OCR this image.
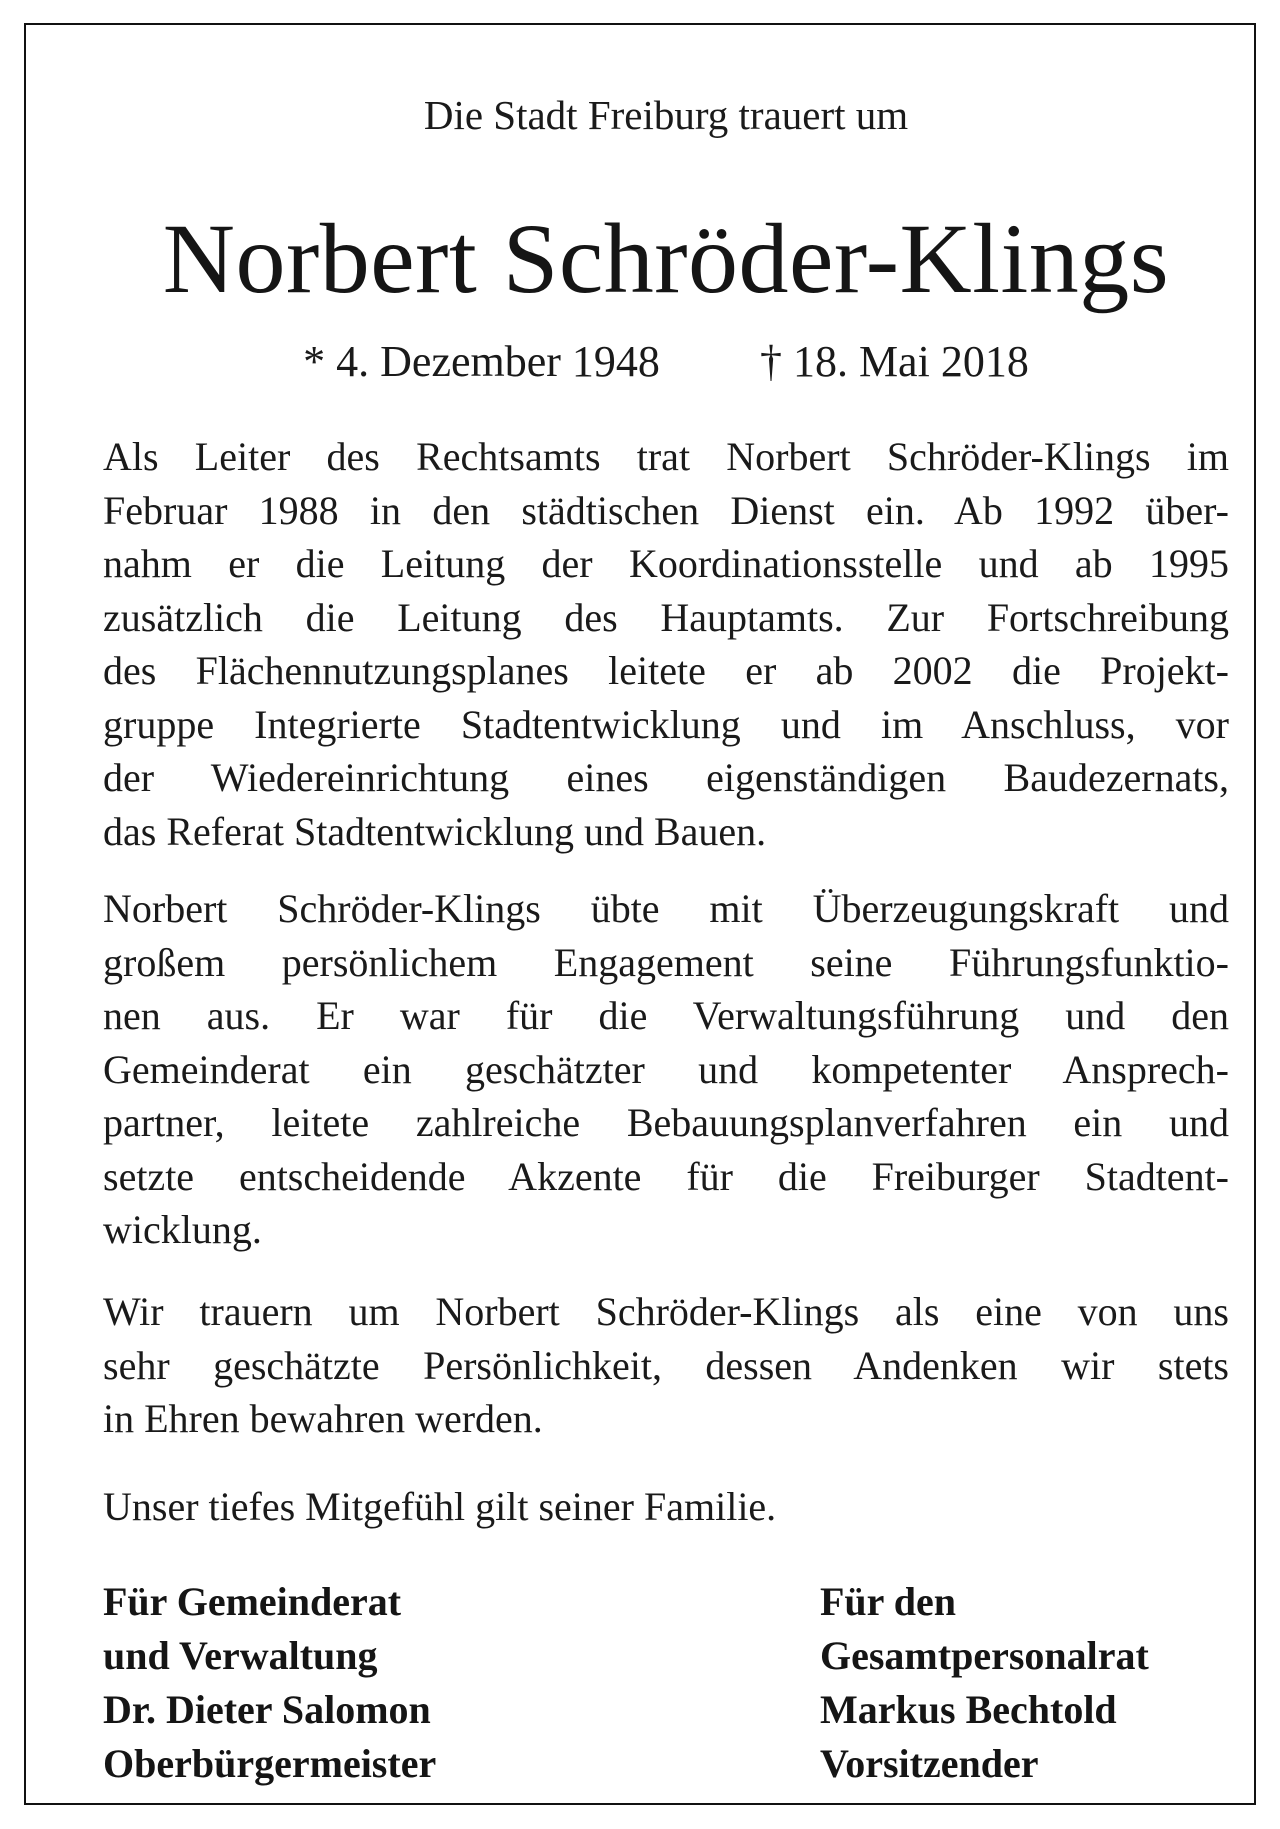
Die Stadt Freiburg trauert um
Norbert Schröder-Klings
* 4. Dezember 1948 † 18. Mai 2018
Als Leiter des Rechtsamts trat Norbert Schröder-Klings im
Februar 1988 in den städtischen Dienst ein. Ab 1992 über-
nahm er die Leitung der Koordinationsstelle und ab 1995
zusätzlich die Leitung des Hauptamts. Zur Fortschreibung
des Flächennutzungsplanes leitete er ab 2002 die Projekt-
gruppe Integrierte Stadtentwicklung und im Anschluss, vor
der Wiedereinrichtung eines eigenständigen Baudezernats,
das Referat Stadtentwicklung und Bauen.
Norbert Schröder-Klings übte mit Überzeugungskraft und
großem persönlichem Engagement seine Führungsfunktio-
nen aus. Er war für die Verwaltungsführung und den
Gemeinderat ein geschätzter und kompetenter Ansprech-
partner, leitete zahlreiche Bebauungsplanverfahren ein und
setzte entscheidende Akzente für die Freiburger Stadtent-
wicklung.
Wir trauern um Norbert Schröder-Klings als eine von uns
sehr geschätzte Persönlichkeit, dessen Andenken wir stets
in Ehren bewahren werden.
Unser tiefes Mitgefühl gilt seiner Familie.
Für Gemeinderat
und Verwaltung
Dr. Dieter Salomon
Oberbürgermeister
Für den
Gesamtpersonalrat
Markus Bechtold
Vorsitzender
